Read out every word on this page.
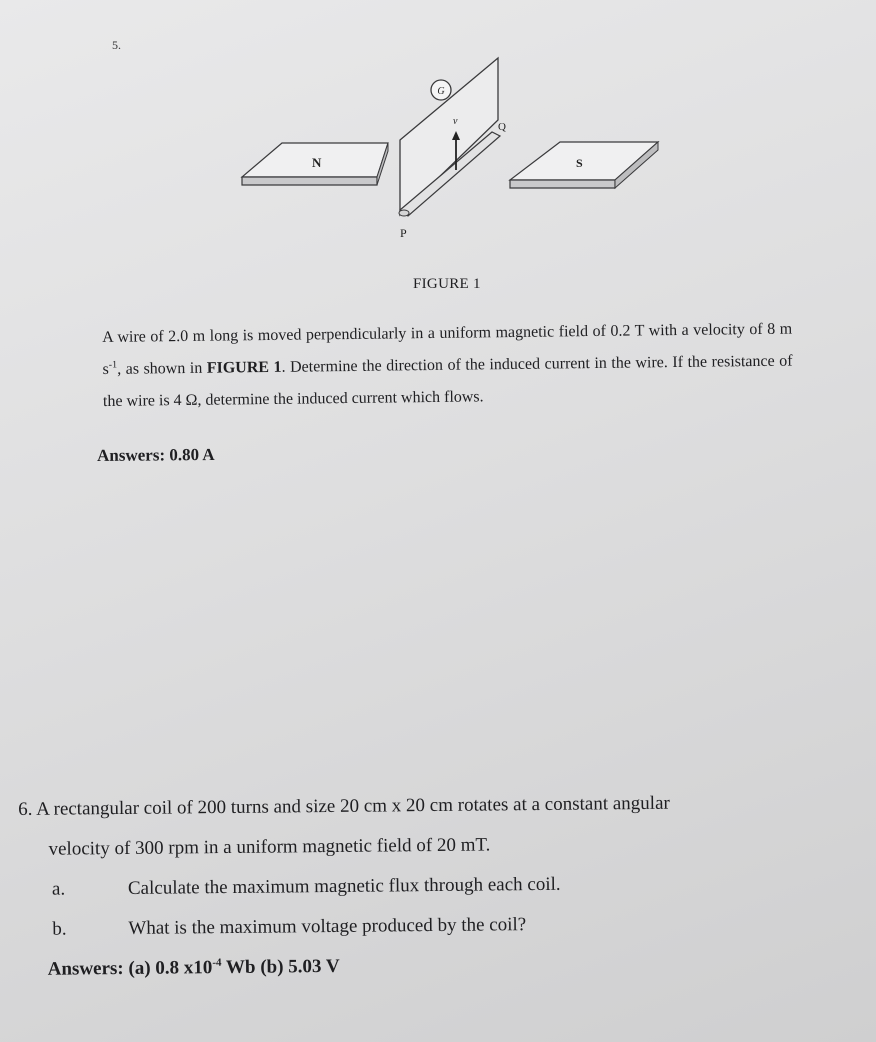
5.
G
v	Q
P
N	S
FIGURE 1

A wire of 2.0 m long is moved perpendicularly in a uniform magnetic field of 0.2 T with a velocity of 8 m $s^{-1}$, as shown in FIGURE 1. Determine the direction of the induced current in the wire. If the resistance of the wire is 4 Ω, determine the induced current which flows.

Answers: 0.80 A
6. A rectangular coil of 200 turns and size 20 cm x 20 cm rotates at a constant angular
velocity of 300 rpm in a uniform magnetic field of 20 mT.
a.	Calculate the maximum magnetic flux through each coil.
b.	What is the maximum voltage produced by the coil?
Answers: (a) 0.8 $x10^{-4}$ Wb (b) 5.03 V
